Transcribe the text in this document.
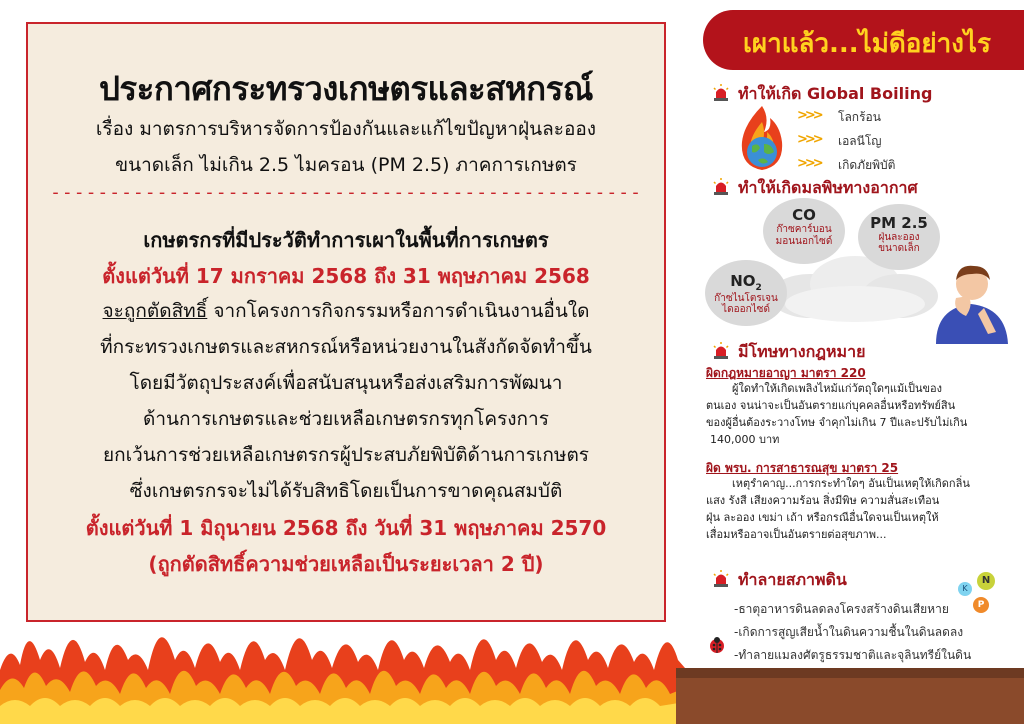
ประกาศกระทรวงเกษตรและสหกรณ์
เรื่อง มาตรการบริหารจัดการป้องกันและแก้ไขปัญหาฝุ่นละออง
ขนาดเล็ก ไม่เกิน 2.5 ไมครอน (PM 2.5) ภาคการเกษตร
--------------------------------------------------
เกษตรกรที่มีประวัติทำการเผาในพื้นที่การเกษตร
ตั้งแต่วันที่ 17 มกราคม 2568 ถึง 31 พฤษภาคม 2568
จะถูกตัดสิทธิ์ จากโครงการกิจกรรมหรือการดำเนินงานอื่นใด
ที่กระทรวงเกษตรและสหกรณ์หรือหน่วยงานในสังกัดจัดทำขึ้น
โดยมีวัตถุประสงค์เพื่อสนับสนุนหรือส่งเสริมการพัฒนา
ด้านการเกษตรและช่วยเหลือเกษตรกรทุกโครงการ
ยกเว้นการช่วยเหลือเกษตรกรผู้ประสบภัยพิบัติด้านการเกษตร
ซึ่งเกษตรกรจะไม่ได้รับสิทธิโดยเป็นการขาดคุณสมบัติ
ตั้งแต่วันที่ 1 มิถุนายน 2568 ถึง วันที่ 31 พฤษภาคม 2570
(ถูกตัดสิทธิ์ความช่วยเหลือเป็นระยะเวลา 2 ปี)
เผาแล้ว...ไม่ดีอย่างไร
ทำให้เกิด Global Boiling
>>> โลกร้อน
>>> เอลนีโญ
>>> เกิดภัยพิบัติ
ทำให้เกิดมลพิษทางอากาศ
CO
ก๊าซคาร์บอนมอนนอกไซด์
PM 2.5
ฝุ่นละออง
ขนาดเล็ก
$NO_2$
ก๊าซไนโตรเจน
ไดออกไซด์
มีโทษทางกฎหมาย
ผิดกฎหมายอาญา มาตรา 220
ผู้ใดทำให้เกิดเพลิงไหม้แก่วัตถุใดๆแม้เป็นของ
ตนเอง จนน่าจะเป็นอันตรายแก่บุคคลอื่นหรือทรัพย์สิน
ของผู้อื่นต้องระวางโทษ จำคุกไม่เกิน 7 ปีและปรับไม่เกิน
140,000 บาท
ผิด พรบ. การสาธารณสุข มาตรา 25
เหตุรำคาญ...การกระทำใดๆ อันเป็นเหตุให้เกิดกลิ่น
แสง รังสี เสียงความร้อน สิ่งมีพิษ ความสั่นสะเทือน
ฝุ่น ละออง เขม่า เถ้า หรือกรณีอื่นใดจนเป็นเหตุให้
เสื่อมหรืออาจเป็นอันตรายต่อสุขภาพ...
ทำลายสภาพดิน	K
N
P
-ธาตุอาหารดินลดลงโครงสร้างดินเสียหาย
-เกิดการสูญเสียน้ำในดินความชื้นในดินลดลง
-ทำลายแมลงศัตรูธรรมชาติและจุลินทรีย์ในดิน
